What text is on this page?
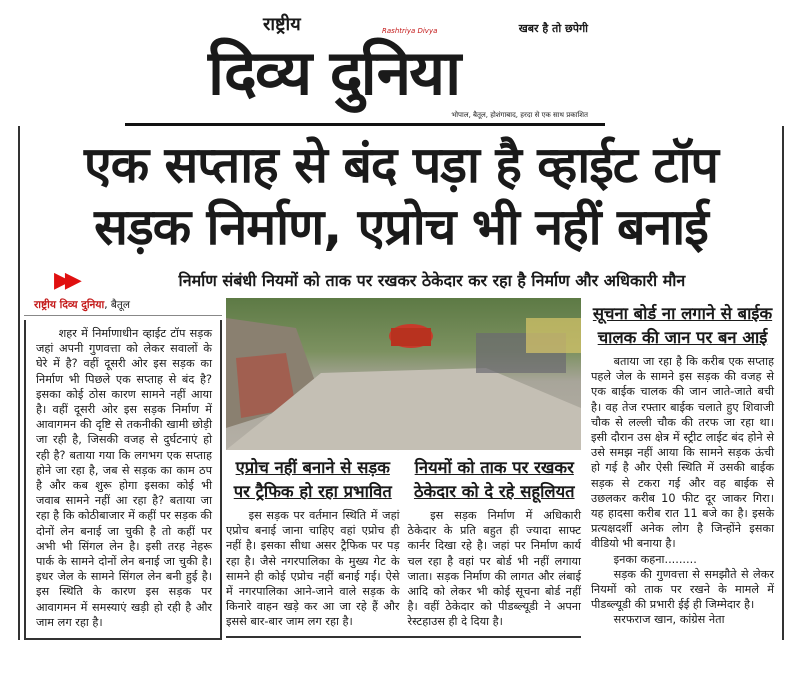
राष्ट्रीय	Rashtriya Divya	खबर है तो छपेगी
दिव्य दुनिया
भोपाल, बैतूल, होशंगाबाद, हरदा से एक साथ प्रकाशित
एक सप्ताह से बंद पड़ा है व्हाईट टॉप
सड़क निर्माण, एप्रोच भी नहीं बनाई
▶▶	निर्माण संबंधी नियमों को ताक पर रखकर ठेकेदार कर रहा है निर्माण और अधिकारी मौन
राष्ट्रीय दिव्य दुनिया, बैतूल

शहर में निर्माणाधीन व्हाईट टॉप सड़क जहां अपनी गुणवत्ता को लेकर सवालों के घेरे में है? वहीं दूसरी ओर इस सड़क का निर्माण भी पिछले एक सप्ताह से बंद है? इसका कोई ठोस कारण सामने नहीं आया है। वहीं दूसरी ओर इस सड़क निर्माण में आवागमन की दृष्टि से तकनीकी खामी छोड़ी जा रही है, जिसकी वजह से दुर्घटनाएं हो रही है? बताया गया कि लगभग एक सप्ताह होने जा रहा है, जब से सड़क का काम ठप है और कब शुरू होगा इसका कोई भी जवाब सामने नहीं आ रहा है? बताया जा रहा है कि कोठीबाजार में कहीं पर सड़क की दोनों लेन बनाई जा चुकी है तो कहीं पर अभी भी सिंगल लेन है। इसी तरह नेहरू पार्क के सामने दोनों लेन बनाई जा चुकी है। इधर जेल के सामने सिंगल लेन बनी हुई है। इस स्थिति के कारण इस सड़क पर आवागमन में समस्याएं खड़ी हो रही है और जाम लग रहा है।

एप्रोच नहीं बनाने से सड़क पर ट्रैफिक हो रहा प्रभावित

इस सड़क पर वर्तमान स्थिति में जहां एप्रोच बनाई जाना चाहिए वहां एप्रोच ही नहीं है। इसका सीधा असर ट्रैफिक पर पड़ रहा है। जैसे नगरपालिका के मुख्य गेट के सामने ही कोई एप्रोच नहीं बनाई गई। ऐसे में नगरपालिका आने-जाने वाले सड़क के किनारे वाहन खड़े कर आ जा रहे हैं और इससे बार-बार जाम लग रहा है।

नियमों को ताक पर रखकर ठेकेदार को दे रहे सहूलियत

इस सड़क निर्माण में अधिकारी ठेकेदार के प्रति बहुत ही ज्यादा साफ्ट कार्नर दिखा रहे है। जहां पर निर्माण कार्य चल रहा है वहां पर बोर्ड भी नहीं लगाया जाता। सड़क निर्माण की लागत और लंबाई आदि को लेकर भी कोई सूचना बोर्ड नहीं है। वहीं ठेकेदार को पीडब्ल्यूडी ने अपना रेस्टहाउस ही दे दिया है।

सूचना बोर्ड ना लगाने से बाईक चालक की जान पर बन आई

बताया जा रहा है कि करीब एक सप्ताह पहले जेल के सामने इस सड़क की वजह से एक बाईक चालक की जान जाते-जाते बची है। वह तेज रफ्तार बाईक चलाते हुए शिवाजी चौक से लल्ली चौक की तरफ जा रहा था। इसी दौरान उस क्षेत्र में स्ट्रीट लाईट बंद होने से उसे समझ नहीं आया कि सामने सड़क ऊंची हो गई है और ऐसी स्थिति में उसकी बाईक सड़क से टकरा गई और वह बाईक से उछलकर करीब 10 फीट दूर जाकर गिरा। यह हादसा करीब रात 11 बजे का है। इसके प्रत्यक्षदर्शी अनेक लोग है जिन्होंने इसका वीडियो भी बनाया है।

इनका कहना.........

सड़क की गुणवत्ता से समझौते से लेकर नियमों को ताक पर रखने के मामले में पीडब्ल्यूडी की प्रभारी ईई ही जिम्मेदार है।

सरफराज खान, कांग्रेस नेता
